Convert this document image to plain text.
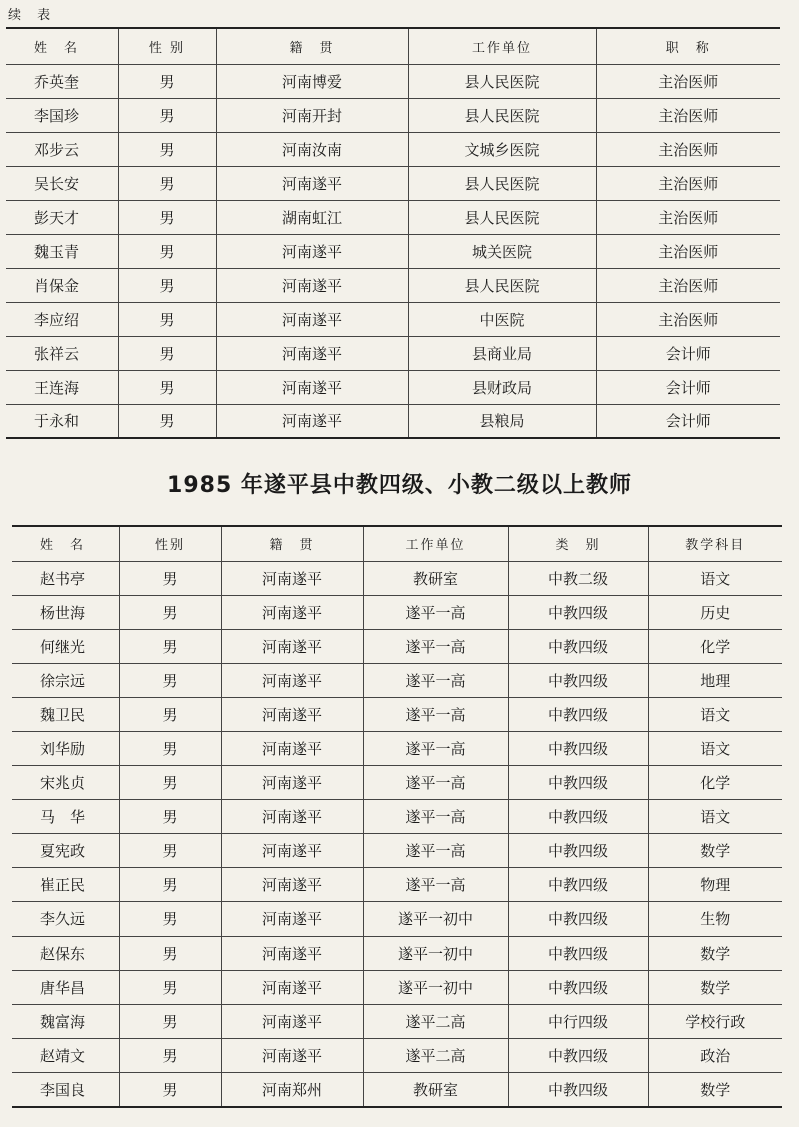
续 表
姓　名	性 别	籍　贯	工作单位	职　称
乔英奎	男	河南博爱	县人民医院	主治医师
李国珍	男	河南开封	县人民医院	主治医师
邓步云	男	河南汝南	文城乡医院	主治医师
吴长安	男	河南遂平	县人民医院	主治医师
彭天才	男	湖南虹江	县人民医院	主治医师
魏玉青	男	河南遂平	城关医院	主治医师
肖保金	男	河南遂平	县人民医院	主治医师
李应绍	男	河南遂平	中医院	主治医师
张祥云	男	河南遂平	县商业局	会计师
王连海	男	河南遂平	县财政局	会计师
于永和	男	河南遂平	县粮局	会计师
1985 年遂平县中教四级、小教二级以上教师
姓　名	性别	籍　贯	工作单位	类　别	教学科目
赵书亭	男	河南遂平	教研室	中教二级	语文
杨世海	男	河南遂平	遂平一高	中教四级	历史
何继光	男	河南遂平	遂平一高	中教四级	化学
徐宗远	男	河南遂平	遂平一高	中教四级	地理
魏卫民	男	河南遂平	遂平一高	中教四级	语文
刘华励	男	河南遂平	遂平一高	中教四级	语文
宋兆贞	男	河南遂平	遂平一高	中教四级	化学
马　华	男	河南遂平	遂平一高	中教四级	语文
夏宪政	男	河南遂平	遂平一高	中教四级	数学
崔正民	男	河南遂平	遂平一高	中教四级	物理
李久远	男	河南遂平	遂平一初中	中教四级	生物
赵保东	男	河南遂平	遂平一初中	中教四级	数学
唐华昌	男	河南遂平	遂平一初中	中教四级	数学
魏富海	男	河南遂平	遂平二高	中行四级	学校行政
赵靖文	男	河南遂平	遂平二高	中教四级	政治
李国良	男	河南郑州	教研室	中教四级	数学
